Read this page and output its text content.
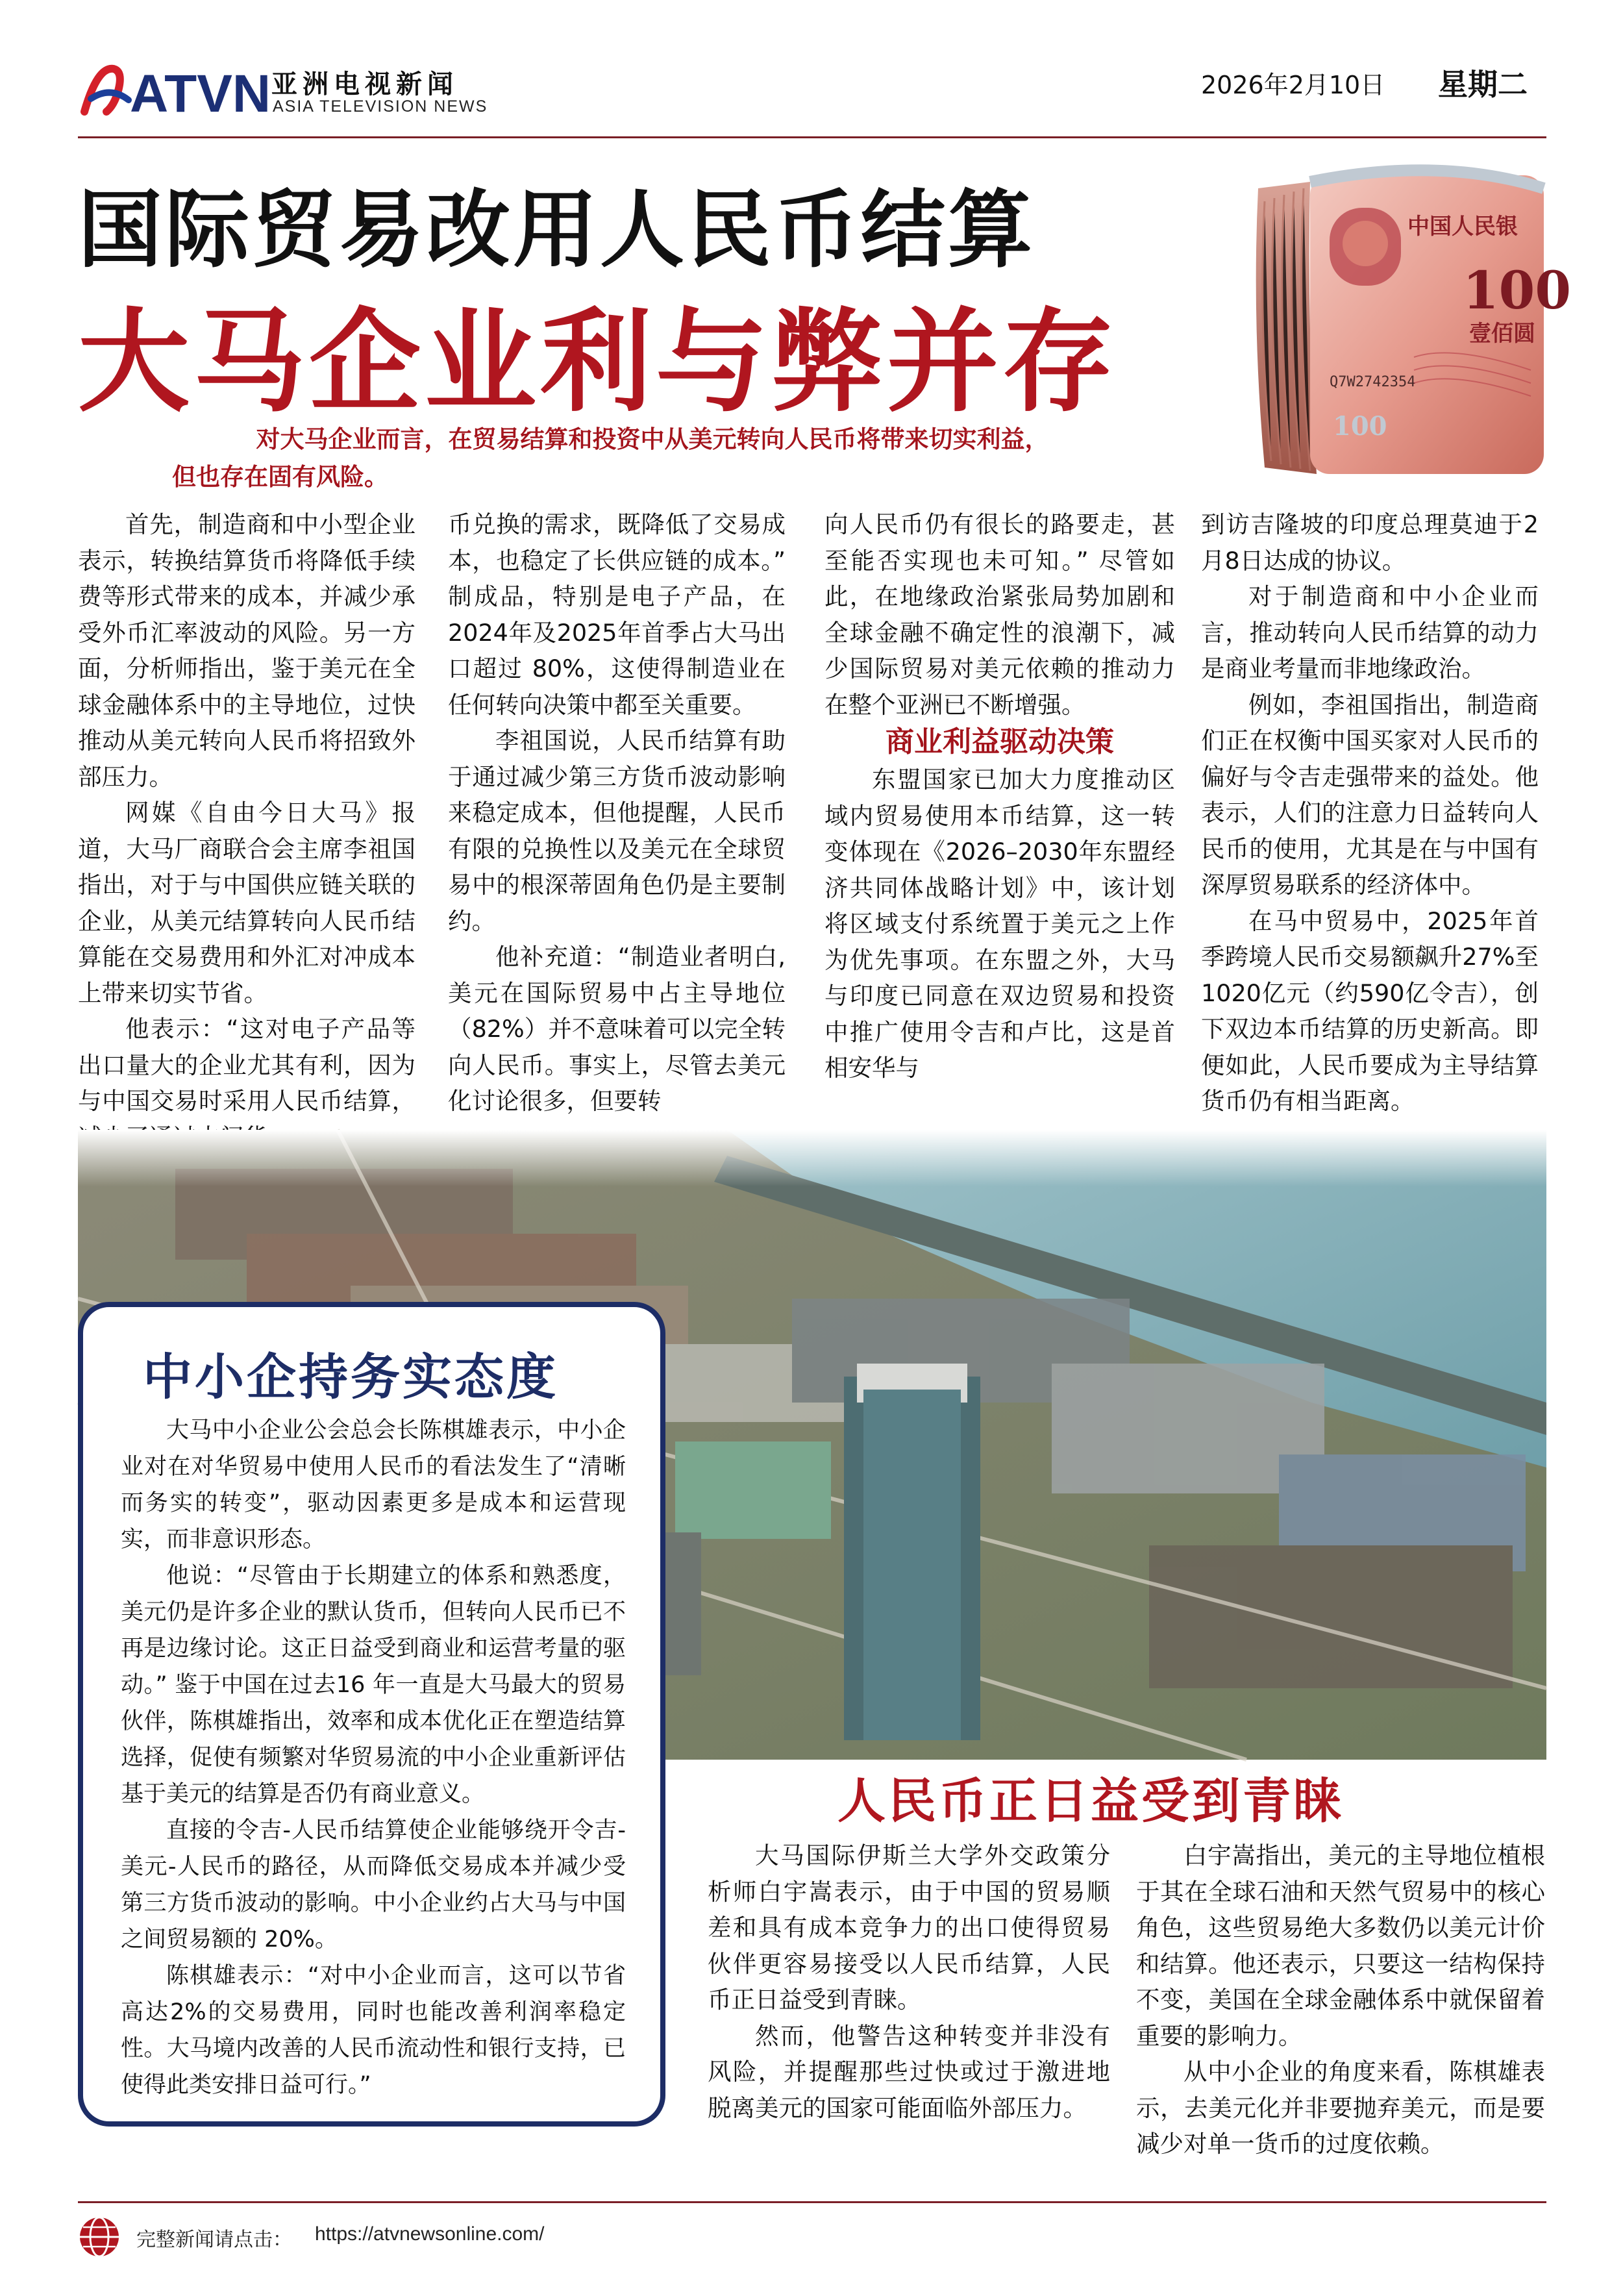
ATVN 亚洲电视新闻
ASIA TELEVISION NEWS
2026年2月10日 星期二
国际贸易改用人民币结算
大马企业利与弊并存
对大马企业而言，在贸易结算和投资中从美元转向人民币将带来切实利益，
但也存在固有风险。
中国人民银
100
壹佰圆
Q7W2742354
100

首先，制造商和中小型企业表示，转换结算货币将降低手续费等形式带来的成本，并减少承受外币汇率波动的风险。另一方面，分析师指出，鉴于美元在全球金融体系中的主导地位，过快推动从美元转向人民币将招致外部压力。

网媒《自由今日大马》报道，大马厂商联合会主席李祖国指出，对于与中国供应链关联的企业，从美元结算转向人民币结算能在交易费用和外汇对冲成本上带来切实节省。

他表示：“这对电子产品等出口量大的企业尤其有利，因为与中国交易时采用人民币结算，

币兑换的需求，既降低了交易成本，也稳定了长供应链的成本。” 制成品，特别是电子产品，在2024年及2025年首季占大马出口超过 80%，这使得制造业在任何转向决策中都至关重要。

李祖国说，人民币结算有助于通过减少第三方货币波动影响来稳定成本，但他提醒，人民币有限的兑换性以及美元在全球贸易中的根深蒂固角色仍是主要制约。

他补充道：“制造业者明白,美元在国际贸易中占主导地位（82%）并不意味着可以完全转向人民币。事实上，尽管去美元化讨论很多，但要转

向人民币仍有很长的路要走，甚至能否实现也未可知。” 尽管如此，在地缘政治紧张局势加剧和全球金融不确定性的浪潮下，减少国际贸易对美元依赖的推动力在整个亚洲已不断增强。

商业利益驱动决策

东盟国家已加大力度推动区域内贸易使用本币结算，这一转变体现在《2026–2030年东盟经济共同体战略计划》中，该计划将区域支付系统置于美元之上作为优先事项。在东盟之外，大马与印度已同意在双边贸易和投资中推广使用令吉和卢比，这是首相安华与

到访吉隆坡的印度总理莫迪于2月8日达成的协议。

对于制造商和中小企业而言，推动转向人民币结算的动力是商业考量而非地缘政治。

例如，李祖国指出，制造商们正在权衡中国买家对人民币的偏好与令吉走强带来的益处。他表示，人们的注意力日益转向人民币的使用，尤其是在与中国有深厚贸易联系的经济体中。

在马中贸易中，2025年首季跨境人民币交易额飙升27%至1020亿元（约590亿令吉），创下双边本币结算的历史新高。即便如此，人民币要成为主导结算货币仍有相当距离。

中小企持务实态度

大马中小企业公会总会长陈棋雄表示，中小企业对在对华贸易中使用人民币的看法发生了“清晰而务实的转变”，驱动因素更多是成本和运营现实，而非意识形态。

他说：“尽管由于长期建立的体系和熟悉度，美元仍是许多企业的默认货币，但转向人民币已不再是边缘讨论。这正日益受到商业和运营考量的驱动。” 鉴于中国在过去16 年一直是大马最大的贸易伙伴，陈棋雄指出，效率和成本优化正在塑造结算选择，促使有频繁对华贸易流的中小企业重新评估基于美元的结算是否仍有商业意义。

直接的令吉-人民币结算使企业能够绕开令吉-美元-人民币的路径，从而降低交易成本并减少受第三方货币波动的影响。中小企业约占大马与中国之间贸易额的 20%。

陈棋雄表示：“对中小企业而言，这可以节省高达2%的交易费用，同时也能改善利润率稳定性。大马境内改善的人民币流动性和银行支持，已使得此类安排日益可行。”

人民币正日益受到青睐

大马国际伊斯兰大学外交政策分析师白宇嵩表示，由于中国的贸易顺差和具有成本竞争力的出口使得贸易伙伴更容易接受以人民币结算，人民币正日益受到青睐。

然而，他警告这种转变并非没有风险，并提醒那些过快或过于激进地脱离美元的国家可能面临外部压力。

白宇嵩指出，美元的主导地位植根于其在全球石油和天然气贸易中的核心角色，这些贸易绝大多数仍以美元计价和结算。他还表示，只要这一结构保持不变，美国在全球金融体系中就保留着重要的影响力。

从中小企业的角度来看，陈棋雄表示，去美元化并非要抛弃美元，而是要减少对单一货币的过度依赖。

完整新闻请点击： https://atvnewsonline.com/
